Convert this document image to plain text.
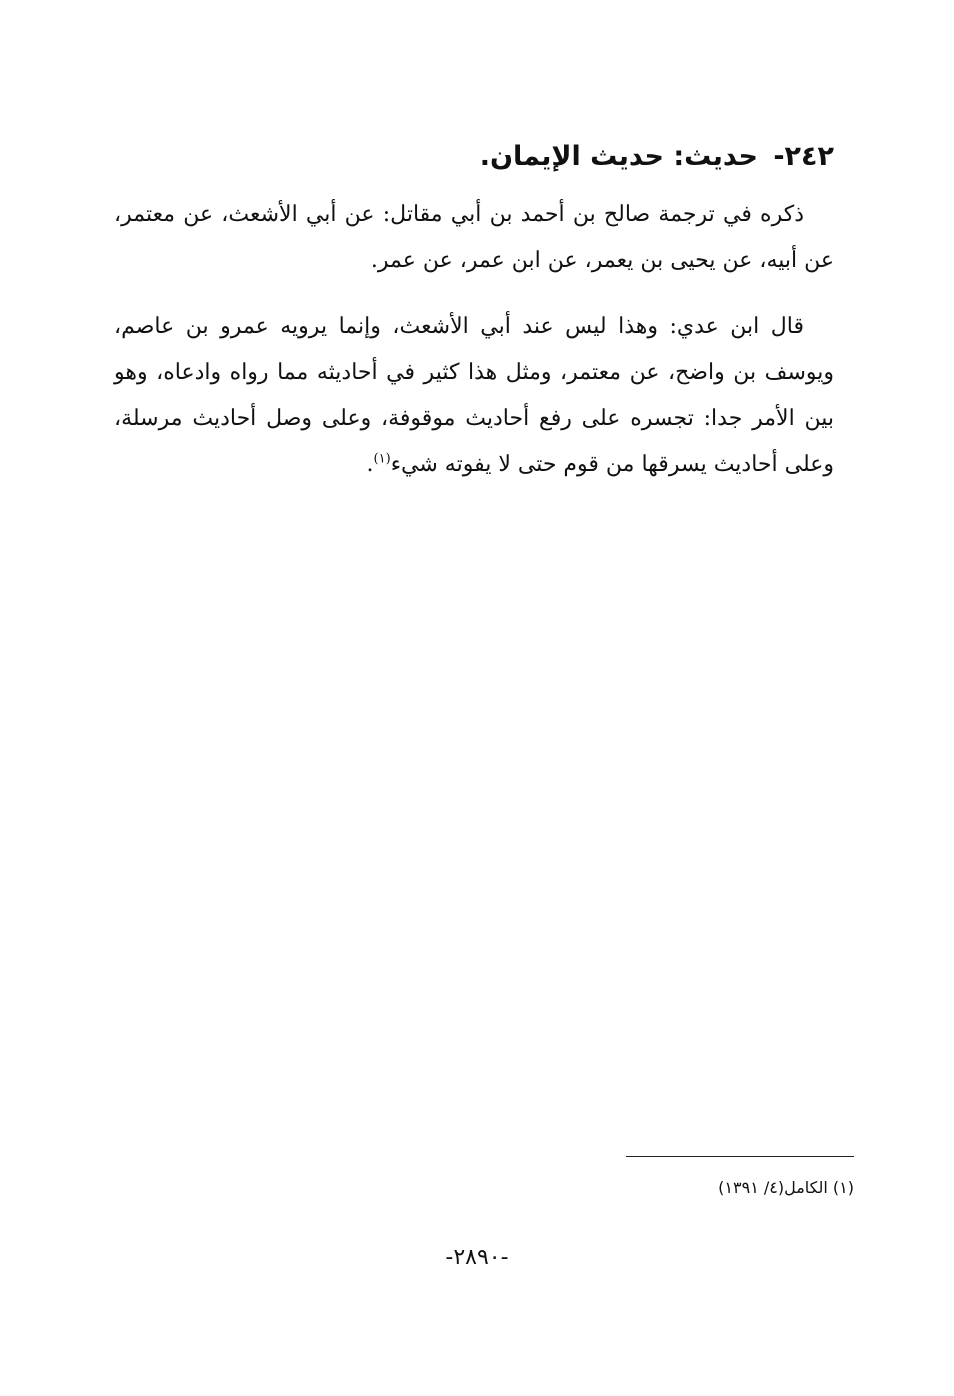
٢٤٢- حديث: حديث الإيمان.

ذكره في ترجمة صالح بن أحمد بن أبي مقاتل: عن أبي الأشعث، عن معتمر، عن أبيه، عن يحيى بن يعمر، عن ابن عمر، عن عمر.

قال ابن عدي: وهذا ليس عند أبي الأشعث، وإنما يرويه عمرو بن عاصم، ويوسف بن واضح، عن معتمر، ومثل هذا كثير في أحاديثه مما رواه وادعاه، وهو بين الأمر جدا: تجسره على رفع أحاديث موقوفة، وعلى وصل أحاديث مرسلة، وعلى أحاديث يسرقها من قوم حتى لا يفوته شيء$^{(١)}$.

(١) الكامل(٤/ ١٣٩١)
-٢٨٩٠-
